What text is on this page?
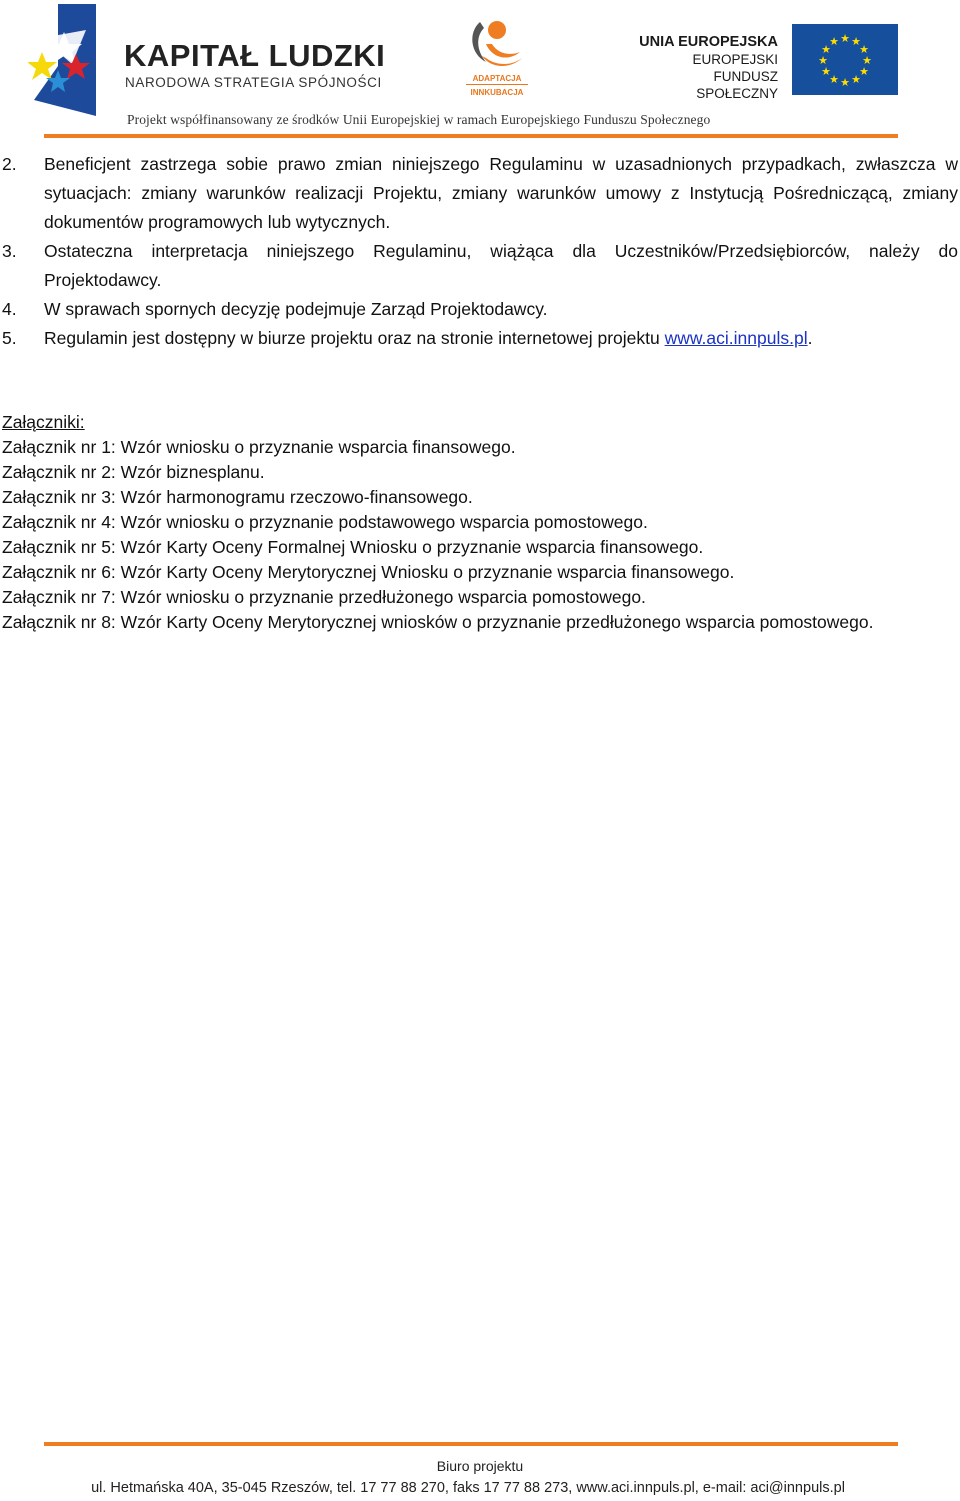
KAPITAŁ LUDZKI
NARODOWA STRATEGIA SPÓJNOŚCI	ADAPTACJA
INNKUBACJA
UNIA EUROPEJSKA
EUROPEJSKI
FUNDUSZ SPOŁECZNY
★ ★
★
★
★
★
★
★
★
★
★
★
Projekt współfinansowany ze środków Unii Europejskiej w ramach Europejskiego Funduszu Społecznego
2. Beneficjent zastrzega sobie prawo zmian niniejszego Regulaminu w uzasadnionych przypadkach, zwłaszcza w sytuacjach: zmiany warunków realizacji Projektu, zmiany warunków umowy z Instytucją Pośredniczącą, zmiany dokumentów programowych lub wytycznych.
3. Ostateczna interpretacja niniejszego Regulaminu, wiążąca dla Uczestników/Przedsiębiorców, należy do Projektodawcy.
4. W sprawach spornych decyzję podejmuje Zarząd Projektodawcy.
5. Regulamin jest dostępny w biurze projektu oraz na stronie internetowej projektu www.aci.innpuls.pl.
Załączniki:
Załącznik nr 1: Wzór wniosku o przyznanie wsparcia finansowego.
Załącznik nr 2: Wzór biznesplanu.
Załącznik nr 3: Wzór harmonogramu rzeczowo-finansowego.
Załącznik nr 4: Wzór wniosku o przyznanie podstawowego wsparcia pomostowego.
Załącznik nr 5: Wzór Karty Oceny Formalnej Wniosku o przyznanie wsparcia finansowego.
Załącznik nr 6: Wzór Karty Oceny Merytorycznej Wniosku o przyznanie wsparcia finansowego.
Załącznik nr 7: Wzór wniosku o przyznanie przedłużonego wsparcia pomostowego.
Załącznik nr 8: Wzór Karty Oceny Merytorycznej wniosków o przyznanie przedłużonego wsparcia pomostowego.
Biuro projektu
ul. Hetmańska 40A, 35-045 Rzeszów, tel. 17 77 88 270, faks 17 77 88 273, www.aci.innpuls.pl, e-mail: aci@innpuls.pl
